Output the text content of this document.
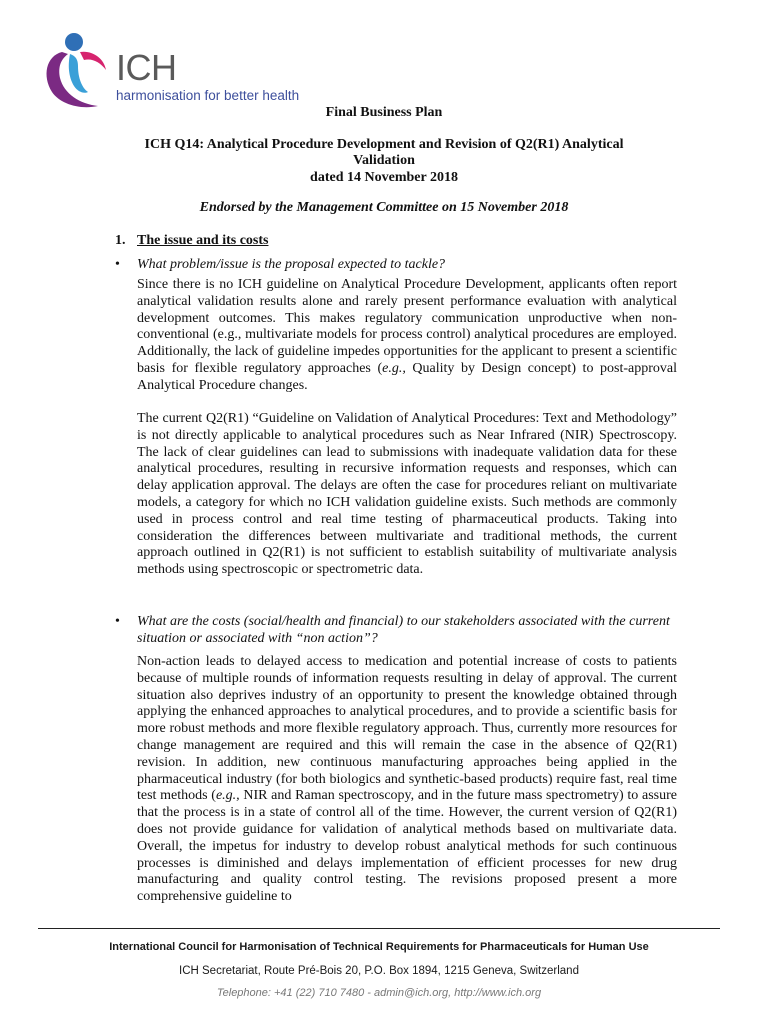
ICH
harmonisation for better health
Final Business Plan
ICH Q14: Analytical Procedure Development and Revision of Q2(R1) Analytical
Validation
dated 14 November 2018
Endorsed by the Management Committee on 15 November 2018
1. The issue and its costs
• What problem/issue is the proposal expected to tackle?
Since there is no ICH guideline on Analytical Procedure Development, applicants often report analytical validation results alone and rarely present performance evaluation with analytical development outcomes. This makes regulatory communication unproductive when non-conventional (e.g., multivariate models for process control) analytical procedures are employed. Additionally, the lack of guideline impedes opportunities for the applicant to present a scientific basis for flexible regulatory approaches (e.g., Quality by Design concept) to post-approval Analytical Procedure changes.
The current Q2(R1) “Guideline on Validation of Analytical Procedures: Text and Methodology” is not directly applicable to analytical procedures such as Near Infrared (NIR) Spectroscopy. The lack of clear guidelines can lead to submissions with inadequate validation data for these analytical procedures, resulting in recursive information requests and responses, which can delay application approval. The delays are often the case for procedures reliant on multivariate models, a category for which no ICH validation guideline exists. Such methods are commonly used in process control and real time testing of pharmaceutical products. Taking into consideration the differences between multivariate and traditional methods, the current approach outlined in Q2(R1) is not sufficient to establish suitability of multivariate analysis methods using spectroscopic or spectrometric data.
• What are the costs (social/health and financial) to our stakeholders associated with the current situation or associated with “non action”?
Non-action leads to delayed access to medication and potential increase of costs to patients because of multiple rounds of information requests resulting in delay of approval. The current situation also deprives industry of an opportunity to present the knowledge obtained through applying the enhanced approaches to analytical procedures, and to provide a scientific basis for more robust methods and more flexible regulatory approach. Thus, currently more resources for change management are required and this will remain the case in the absence of Q2(R1) revision. In addition, new continuous manufacturing approaches being applied in the pharmaceutical industry (for both biologics and synthetic-based products) require fast, real time test methods (e.g., NIR and Raman spectroscopy, and in the future mass spectrometry) to assure that the process is in a state of control all of the time. However, the current version of Q2(R1) does not provide guidance for validation of analytical methods based on multivariate data. Overall, the impetus for industry to develop robust analytical methods for such continuous processes is diminished and delays implementation of efficient processes for new drug manufacturing and quality control testing. The revisions proposed present a more comprehensive guideline to
International Council for Harmonisation of Technical Requirements for Pharmaceuticals for Human Use
ICH Secretariat, Route Pré-Bois 20, P.O. Box 1894, 1215 Geneva, Switzerland
Telephone: +41 (22) 710 7480 - admin@ich.org, http://www.ich.org
